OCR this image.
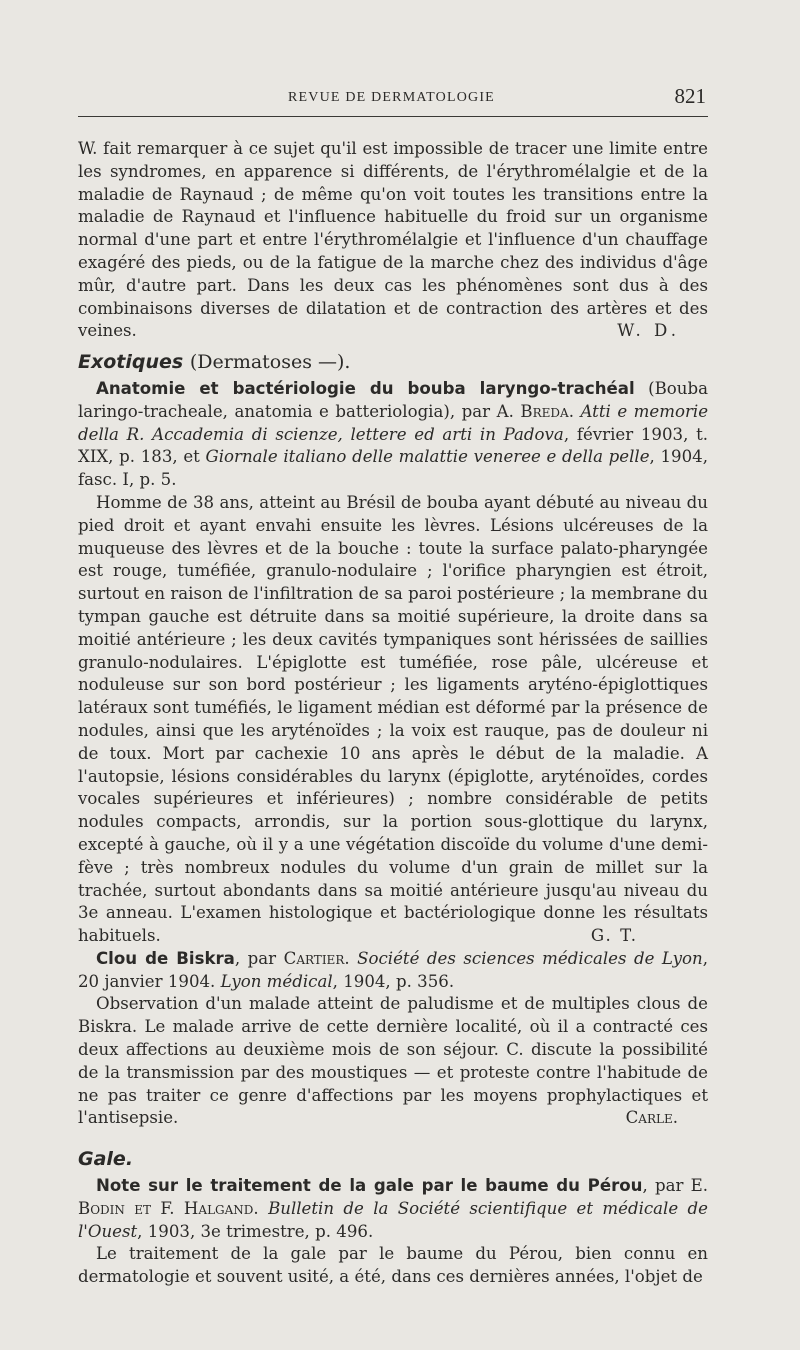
REVUE DE DERMATOLOGIE	821

W. fait remarquer à ce sujet qu'il est impossible de tracer une limite entre les syndromes, en apparence si différents, de l'érythromélalgie et de la maladie de Raynaud ; de même qu'on voit toutes les transitions entre la maladie de Raynaud et l'influence habituelle du froid sur un organisme normal d'une part et entre l'érythromélalgie et l'influence d'un chauffage exagéré des pieds, ou de la fatigue de la marche chez des individus d'âge mûr, d'autre part. Dans les deux cas les phénomènes sont dus à des combinaisons diverses de dilatation et de contraction des artères et des veines.	W. D.

Exotiques (Dermatoses —).

Anatomie et bactériologie du bouba laryngo-trachéal (Bouba laringo-tracheale, anatomia e batteriologia), par A. Breda. Atti e memorie della R. Accademia di scienze, lettere ed arti in Padova, février 1903, t. XIX, p. 183, et Giornale italiano delle malattie veneree e della pelle, 1904, fasc. I, p. 5.

Homme de 38 ans, atteint au Brésil de bouba ayant débuté au niveau du pied droit et ayant envahi ensuite les lèvres. Lésions ulcéreuses de la muqueuse des lèvres et de la bouche : toute la surface palato-pharyngée est rouge, tuméfiée, granulo-nodulaire ; l'orifice pharyngien est étroit, surtout en raison de l'infiltration de sa paroi postérieure ; la membrane du tympan gauche est détruite dans sa moitié supérieure, la droite dans sa moitié antérieure ; les deux cavités tympaniques sont hérissées de saillies granulo-nodulaires. L'épiglotte est tuméfiée, rose pâle, ulcéreuse et noduleuse sur son bord postérieur ; les ligaments aryténo-épiglottiques latéraux sont tuméfiés, le ligament médian est déformé par la présence de nodules, ainsi que les aryténoïdes ; la voix est rauque, pas de douleur ni de toux. Mort par cachexie 10 ans après le début de la maladie. A l'autopsie, lésions considérables du larynx (épiglotte, aryténoïdes, cordes vocales supérieures et inférieures) ; nombre considérable de petits nodules compacts, arrondis, sur la portion sous-glottique du larynx, excepté à gauche, où il y a une végétation discoïde du volume d'une demi-fève ; très nombreux nodules du volume d'un grain de millet sur la trachée, surtout abondants dans sa moitié antérieure jusqu'au niveau du 3e anneau. L'examen histologique et bactériologique donne les résultats habituels.	G. T.

Clou de Biskra, par Cartier. Société des sciences médicales de Lyon, 20 janvier 1904. Lyon médical, 1904, p. 356.

Observation d'un malade atteint de paludisme et de multiples clous de Biskra. Le malade arrive de cette dernière localité, où il a contracté ces deux affections au deuxième mois de son séjour. C. discute la possibilité de la transmission par des moustiques — et proteste contre l'habitude de ne pas traiter ce genre d'affections par les moyens prophylactiques et l'antisepsie.	Carle.

Gale.

Note sur le traitement de la gale par le baume du Pérou, par E. Bodin et F. Halgand. Bulletin de la Société scientifique et médicale de l'Ouest, 1903, 3e trimestre, p. 496.

Le traitement de la gale par le baume du Pérou, bien connu en dermatologie et souvent usité, a été, dans ces dernières années, l'objet de
